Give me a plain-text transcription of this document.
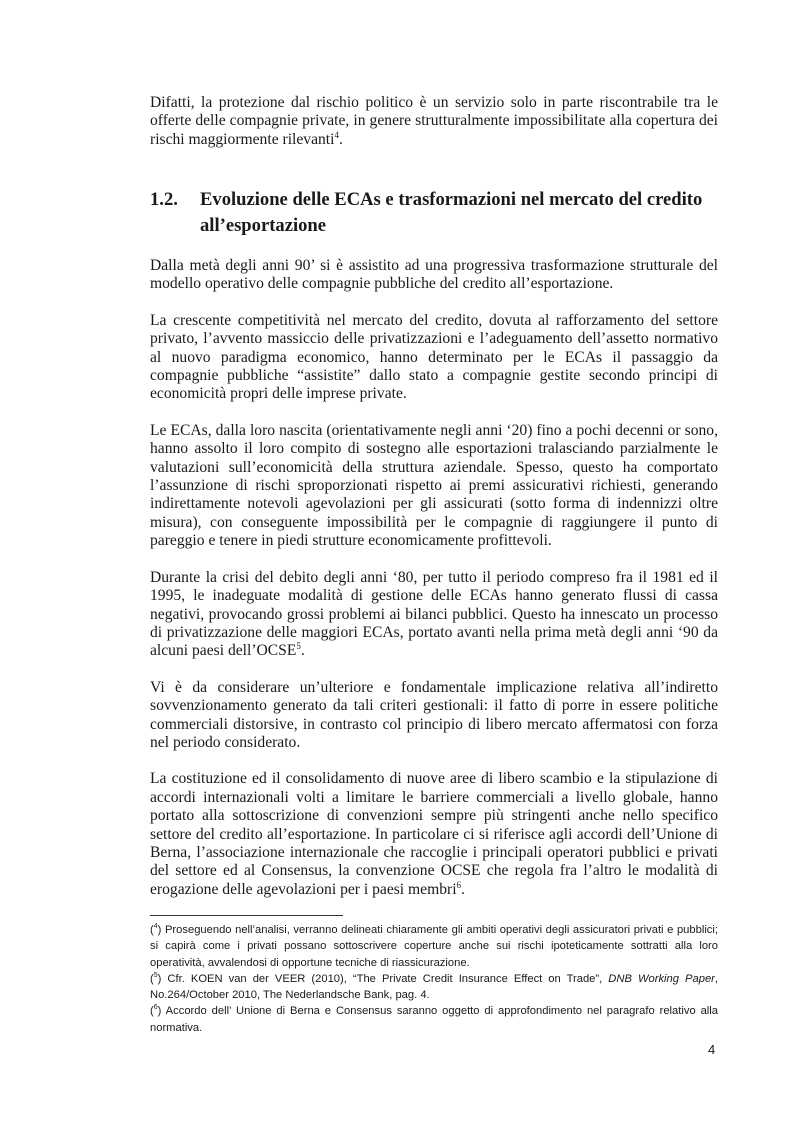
Difatti, la protezione dal rischio politico è un servizio solo in parte riscontrabile tra le offerte delle compagnie private, in genere strutturalmente impossibilitate alla copertura dei rischi maggiormente rilevanti$^4$.

1.2. Evoluzione delle ECAs e trasformazioni nel mercato del credito all’esportazione

Dalla metà degli anni 90’ si è assistito ad una progressiva trasformazione strutturale del modello operativo delle compagnie pubbliche del credito all’esportazione.

La crescente competitività nel mercato del credito, dovuta al rafforzamento del settore privato, l’avvento massiccio delle privatizzazioni e l’adeguamento dell’assetto normativo al nuovo paradigma economico, hanno determinato per le ECAs il passaggio da compagnie pubbliche “assistite” dallo stato a compagnie gestite secondo principi di economicità propri delle imprese private.

Le ECAs, dalla loro nascita (orientativamente negli anni ‘20) fino a pochi decenni or sono, hanno assolto il loro compito di sostegno alle esportazioni tralasciando parzialmente le valutazioni sull’economicità della struttura aziendale. Spesso, questo ha comportato l’assunzione di rischi sproporzionati rispetto ai premi assicurativi richiesti, generando indirettamente notevoli agevolazioni per gli assicurati (sotto forma di indennizzi oltre misura), con conseguente impossibilità per le compagnie di raggiungere il punto di pareggio e tenere in piedi strutture economicamente profittevoli.

Durante la crisi del debito degli anni ‘80, per tutto il periodo compreso fra il 1981 ed il 1995, le inadeguate modalità di gestione delle ECAs hanno generato flussi di cassa negativi, provocando grossi problemi ai bilanci pubblici. Questo ha innescato un processo di privatizzazione delle maggiori ECAs, portato avanti nella prima metà degli anni ‘90 da alcuni paesi dell’OCSE$^5$.

Vi è da considerare un’ulteriore e fondamentale implicazione relativa all’indiretto sovvenzionamento generato da tali criteri gestionali: il fatto di porre in essere politiche commerciali distorsive, in contrasto col principio di libero mercato affermatosi con forza nel periodo considerato.

La costituzione ed il consolidamento di nuove aree di libero scambio e la stipulazione di accordi internazionali volti a limitare le barriere commerciali a livello globale, hanno portato alla sottoscrizione di convenzioni sempre più stringenti anche nello specifico settore del credito all’esportazione. In particolare ci si riferisce agli accordi dell’Unione di Berna, l’associazione internazionale che raccoglie i principali operatori pubblici e privati del settore ed al Consensus, la convenzione OCSE che regola fra l’altro le modalità di erogazione delle agevolazioni per i paesi membri$^6$.

($^4$) Proseguendo nell’analisi, verranno delineati chiaramente gli ambiti operativi degli assicuratori privati e pubblici; si capirà come i privati possano sottoscrivere coperture anche sui rischi ipoteticamente sottratti alla loro operatività, avvalendosi di opportune tecniche di riassicurazione.

($^5$) Cfr. KOEN van der VEER (2010), “The Private Credit Insurance Effect on Trade”, DNB Working Paper, No.264/October 2010, The Nederlandsche Bank, pag. 4.

($^6$) Accordo dell’ Unione di Berna e Consensus saranno oggetto di approfondimento nel paragrafo relativo alla normativa.

4
